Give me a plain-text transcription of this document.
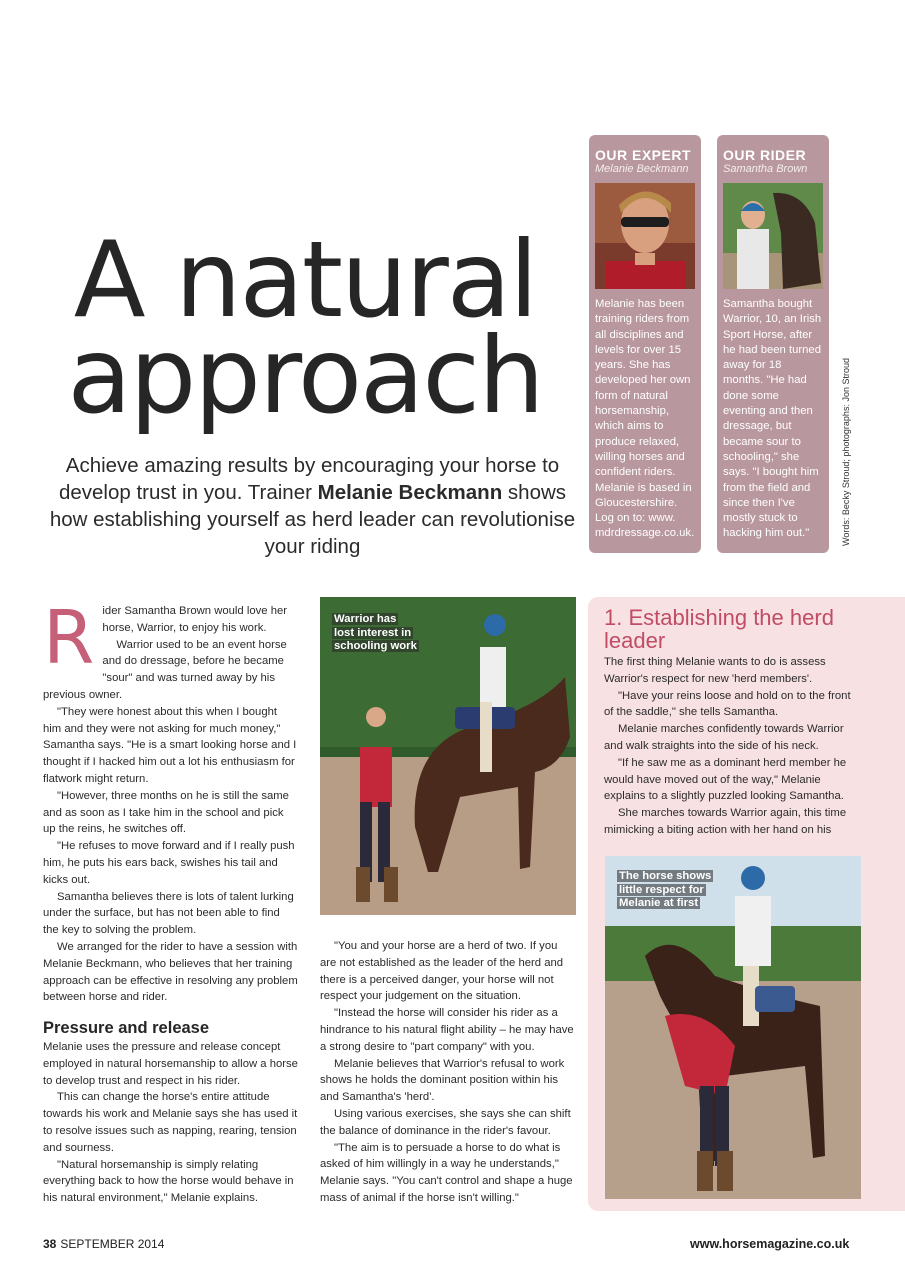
A natural
approach
Achieve amazing results by encouraging your horse to develop trust in you. Trainer Melanie Beckmann shows how establishing yourself as herd leader can revolutionise your riding
OUR EXPERT
Melanie Beckmann
Melanie has been training riders from all disciplines and levels for over 15 years. She has developed her own form of natural horsemanship, which aims to produce relaxed, willing horses and confident riders. Melanie is based in Gloucestershire. Log on to: www. mdrdressage.co.uk.
OUR RIDER
Samantha Brown
Samantha bought Warrior, 10, an Irish Sport Horse, after he had been turned away for 18 months. "He had done some eventing and then dressage, but became sour to schooling," she says. "I bought him from the field and since then I've mostly stuck to hacking him out."	Words: Becky Stroud; photographs: Jon Stroud
R ider Samantha Brown would love her horse, Warrior, to enjoy his work.

Warrior used to be an event horse and do dressage, before he became "sour" and was turned away by his previous owner.

"They were honest about this when I bought him and they were not asking for much money," Samantha says. "He is a smart looking horse and I thought if I hacked him out a lot his enthusiasm for flatwork might return.

"However, three months on he is still the same and as soon as I take him in the school and pick up the reins, he switches off.

"He refuses to move forward and if I really push him, he puts his ears back, swishes his tail and kicks out.

Samantha believes there is lots of talent lurking under the surface, but has not been able to find the key to solving the problem.

We arranged for the rider to have a session with Melanie Beckmann, who believes that her training approach can be effective in resolving any problem between horse and rider.

Pressure and release

Melanie uses the pressure and release concept employed in natural horsemanship to allow a horse to develop trust and respect in his rider.

This can change the horse's entire attitude towards his work and Melanie says she has used it to resolve issues such as napping, rearing, tension and sourness.

"Natural horsemanship is simply relating everything back to how the horse would behave in his natural environment," Melanie explains.

Warrior has
lost interest in
schooling work

"You and your horse are a herd of two. If you are not established as the leader of the herd and there is a perceived danger, your horse will not respect your judgement on the situation.

"Instead the horse will consider his rider as a hindrance to his natural flight ability – he may have a strong desire to "part company" with you.

Melanie believes that Warrior's refusal to work shows he holds the dominant position within his and Samantha's 'herd'.

Using various exercises, she says she can shift the balance of dominance in the rider's favour.

"The aim is to persuade a horse to do what is asked of him willingly in a way he understands," Melanie says. "You can't control and shape a huge mass of animal if the horse isn't willing."

1. Establishing the herd leader

The first thing Melanie wants to do is assess Warrior's respect for new 'herd members'.

"Have your reins loose and hold on to the front of the saddle," she tells Samantha.

Melanie marches confidently towards Warrior and walk straights into the side of his neck.

"If he saw me as a dominant herd member he would have moved out of the way," Melanie explains to a slightly puzzled looking Samantha.

She marches towards Warrior again, this time mimicking a biting action with her hand on his

The horse shows
little respect for
Melanie at first
38 SEPTEMBER 2014	www.horsemagazine.co.uk
